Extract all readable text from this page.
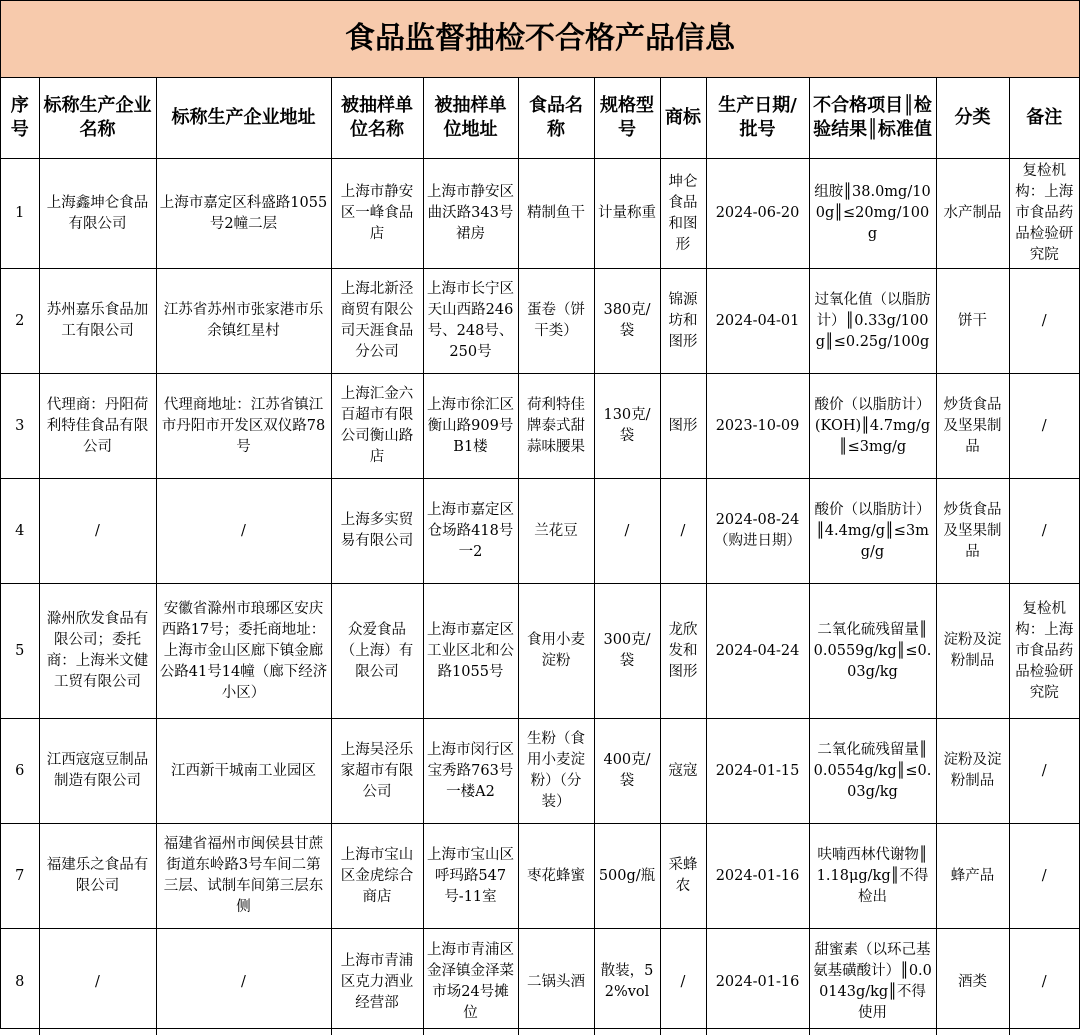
食品监督抽检不合格产品信息
序号	标称生产企业名称	标称生产企业地址	被抽样单位名称	被抽样单位地址	食品名称	规格型号	商标	生产日期/批号	不合格项目║检验结果║标准值	分类	备注
1	上海鑫坤仑食品有限公司	上海市嘉定区科盛路1055号2幢二层	上海市静安区一峰食品店	上海市静安区曲沃路343号裙房	精制鱼干	计量称重	坤仑食品和图形	2024-06-20	组胺║38.0mg/100g║≤20mg/100g	水产制品	复检机构：上海市食品药品检验研究院
2	苏州嘉乐食品加工有限公司	江苏省苏州市张家港市乐余镇红星村	上海北新泾商贸有限公司天涯食品分公司	上海市长宁区天山西路246号、248号、250号	蛋卷（饼干类）	380克/袋	锦源坊和图形	2024-04-01	过氧化值（以脂肪计）║0.33g/100g║≤0.25g/100g	饼干	/
3	代理商：丹阳荷利特佳食品有限公司	代理商地址：江苏省镇江市丹阳市开发区双仪路78号	上海汇金六百超市有限公司衡山路店	上海市徐汇区衡山路909号B1楼	荷利特佳牌泰式甜蒜味腰果	130克/袋	图形	2023-10-09	酸价（以脂肪计）(KOH)║4.7mg/g║≤3mg/g	炒货食品及坚果制品	/
4	/	/	上海多实贸易有限公司	上海市嘉定区仓场路418号一2	兰花豆	/	/	2024-08-24（购进日期）	酸价（以脂肪计）║4.4mg/g║≤3mg/g	炒货食品及坚果制品	/
5	滁州欣发食品有限公司；委托商：上海米文健工贸有限公司	安徽省滁州市琅琊区安庆西路17号；委托商地址：上海市金山区廊下镇金廊公路41号14幢（廊下经济小区）	众爱食品（上海）有限公司	上海市嘉定区工业区北和公路1055号	食用小麦淀粉	300克/袋	龙欣发和图形	2024-04-24	二氧化硫残留量║0.0559g/kg║≤0.03g/kg	淀粉及淀粉制品	复检机构：上海市食品药品检验研究院
6	江西寇寇豆制品制造有限公司	江西新干城南工业园区	上海吴泾乐家超市有限公司	上海市闵行区宝秀路763号一楼A2	生粉（食用小麦淀粉）（分装）	400克/袋	寇寇	2024-01-15	二氧化硫残留量║0.0554g/kg║≤0.03g/kg	淀粉及淀粉制品	/
7	福建乐之食品有限公司	福建省福州市闽侯县甘蔗街道东岭路3号车间二第三层、试制车间第三层东侧	上海市宝山区金虎综合商店	上海市宝山区呼玛路547号-11室	枣花蜂蜜	500g/瓶	采蜂农	2024-01-16	呋喃西林代谢物║1.18μg/kg║不得检出	蜂产品	/
8	/	/	上海市青浦区克力酒业经营部	上海市青浦区金泽镇金泽菜市场24号摊位	二锅头酒	散装，52%vol	/	2024-01-16	甜蜜素（以环己基氨基磺酸计）║0.00143g/kg║不得使用	酒类	/
